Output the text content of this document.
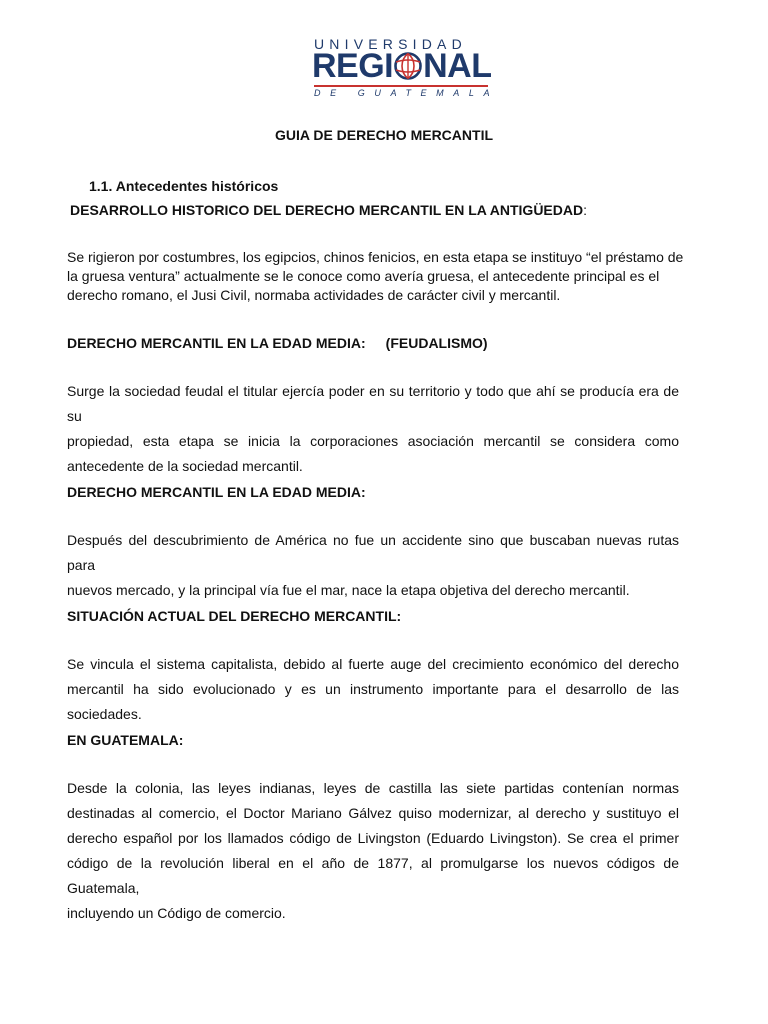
UNIVERSIDAD
REGI NAL
DE GUATEMALA
GUIA DE DERECHO MERCANTIL
1.1. Antecedentes históricos
DESARROLLO HISTORICO DEL DERECHO MERCANTIL EN LA ANTIGÜEDAD:
Se rigieron por costumbres, los egipcios, chinos fenicios, en esta etapa se instituyo “el préstamo de
la gruesa ventura” actualmente se le conoce como avería gruesa, el antecedente principal es el
derecho romano, el Jusi Civil, normaba actividades de carácter civil y mercantil.
DERECHO MERCANTIL EN LA EDAD MEDIA: (FEUDALISMO)
Surge la sociedad feudal el titular ejercía poder en su territorio y todo que ahí se producía era de su
propiedad, esta etapa se inicia la corporaciones asociación mercantil se considera como
antecedente de la sociedad mercantil.
DERECHO MERCANTIL EN LA EDAD MEDIA:
Después del descubrimiento de América no fue un accidente sino que buscaban nuevas rutas para
nuevos mercado, y la principal vía fue el mar, nace la etapa objetiva del derecho mercantil.
SITUACIÓN ACTUAL DEL DERECHO MERCANTIL:
Se vincula el sistema capitalista, debido al fuerte auge del crecimiento económico del derecho
mercantil ha sido evolucionado y es un instrumento importante para el desarrollo de las sociedades.
EN GUATEMALA:
Desde la colonia, las leyes indianas, leyes de castilla las siete partidas contenían normas
destinadas al comercio, el Doctor Mariano Gálvez quiso modernizar, al derecho y sustituyo el
derecho español por los llamados código de Livingston (Eduardo Livingston). Se crea el primer
código de la revolución liberal en el año de 1877, al promulgarse los nuevos códigos de Guatemala,
incluyendo un Código de comercio.
